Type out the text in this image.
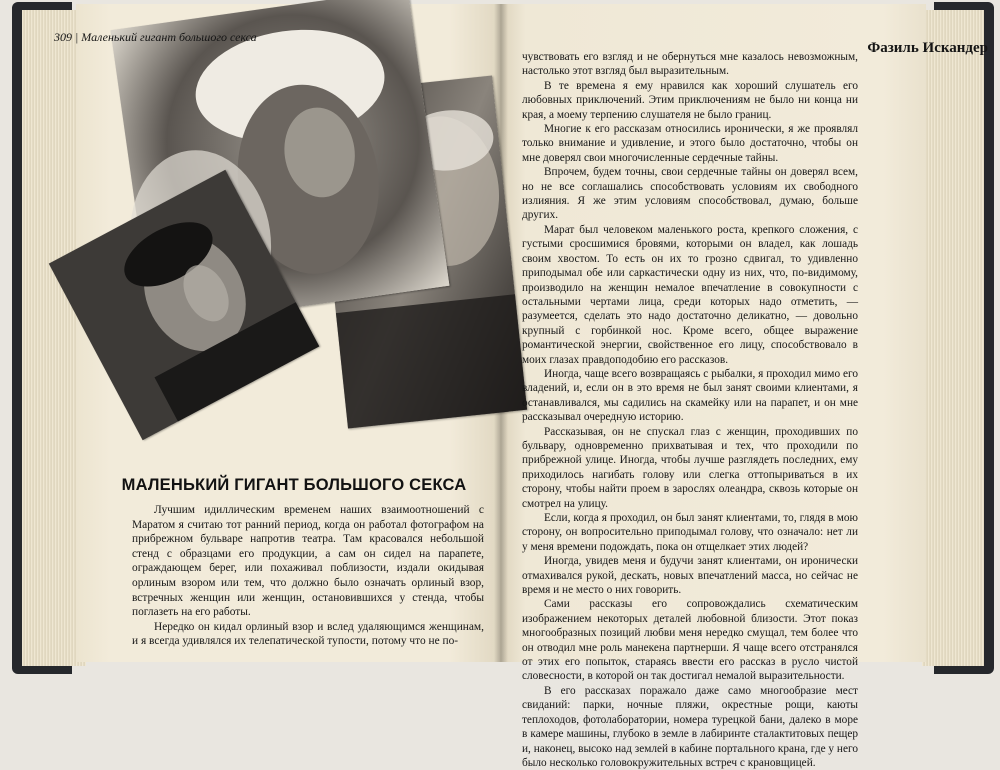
Фазиль Искандер
309 | Маленький гигант большого секса
МАЛЕНЬКИЙ ГИГАНТ БОЛЬШОГО СЕКСА

Лучшим идиллическим временем наших взаимоотношений с Маратом я считаю тот ранний период, когда он работал фотографом на прибрежном бульваре напротив театра. Там красовался небольшой стенд с образцами его продукции, а сам он сидел на парапете, ограждающем берег, или похаживал поблизости, издали окидывая орлиным взором или тем, что должно было означать орлиный взор, встречных женщин или женщин, остановившихся у стенда, чтобы поглазеть на его работы.

Нередко он кидал орлиный взор и вслед удаляющимся женщинам, и я всегда удивлялся их телепатической тупости, потому что не по-

чувствовать его взгляд и не обернуться мне казалось невозможным, настолько этот взгляд был выразительным.

В те времена я ему нравился как хороший слушатель его любовных приключений. Этим приключениям не было ни конца ни края, а моему терпению слушателя не было границ.

Многие к его рассказам относились иронически, я же проявлял только внимание и удивление, и этого было достаточно, чтобы он мне доверял свои многочисленные сердечные тайны.

Впрочем, будем точны, свои сердечные тайны он доверял всем, но не все соглашались способствовать условиям их свободного излияния. Я же этим условиям способствовал, думаю, больше других.

Марат был человеком маленького роста, крепкого сложения, с густыми сросшимися бровями, которыми он владел, как лошадь своим хвостом. То есть он их то грозно сдвигал, то удивленно приподымал обе или саркастически одну из них, что, по-видимому, производило на женщин немалое впечатление в совокупности с остальными чертами лица, среди которых надо отметить, — разумеется, сделать это надо достаточно деликатно, — довольно крупный с горбинкой нос. Кроме всего, общее выражение романтической энергии, свойственное его лицу, способствовало в моих глазах правдоподобию его рассказов.

Иногда, чаще всего возвращаясь с рыбалки, я проходил мимо его владений, и, если он в это время не был занят своими клиентами, я останавливался, мы садились на скамейку или на парапет, и он мне рассказывал очередную историю.

Рассказывая, он не спускал глаз с женщин, проходивших по бульвару, одновременно прихватывая и тех, что проходили по прибрежной улице. Иногда, чтобы лучше разглядеть последних, ему приходилось нагибать голову или слегка оттопыриваться в их сторону, чтобы найти проем в зарослях олеандра, сквозь которые он смотрел на улицу.

Если, когда я проходил, он был занят клиентами, то, глядя в мою сторону, он вопросительно приподымал голову, что означало: нет ли у меня времени подождать, пока он отщелкает этих людей?

Иногда, увидев меня и будучи занят клиентами, он иронически отмахивался рукой, дескать, новых впечатлений масса, но сейчас не время и не место о них говорить.

Сами рассказы его сопровождались схематическим изображением некоторых деталей любовной близости. Этот показ многообразных позиций любви меня нередко смущал, тем более что он отводил мне роль манекена партнерши. Я чаще всего отстранялся от этих его попыток, стараясь ввести его рассказ в русло чистой словесности, в которой он так достигал немалой выразительности.

В его рассказах поражало даже само многообразие мест свиданий: парки, ночные пляжи, окрестные рощи, каюты теплоходов, фотолаборатории, номера турецкой бани, далеко в море в камере машины, глубоко в земле в лабиринте сталактитовых пещер и, наконец, высоко над землей в кабине портального крана, где у него было несколько головокружительных встреч с крановщицей.
